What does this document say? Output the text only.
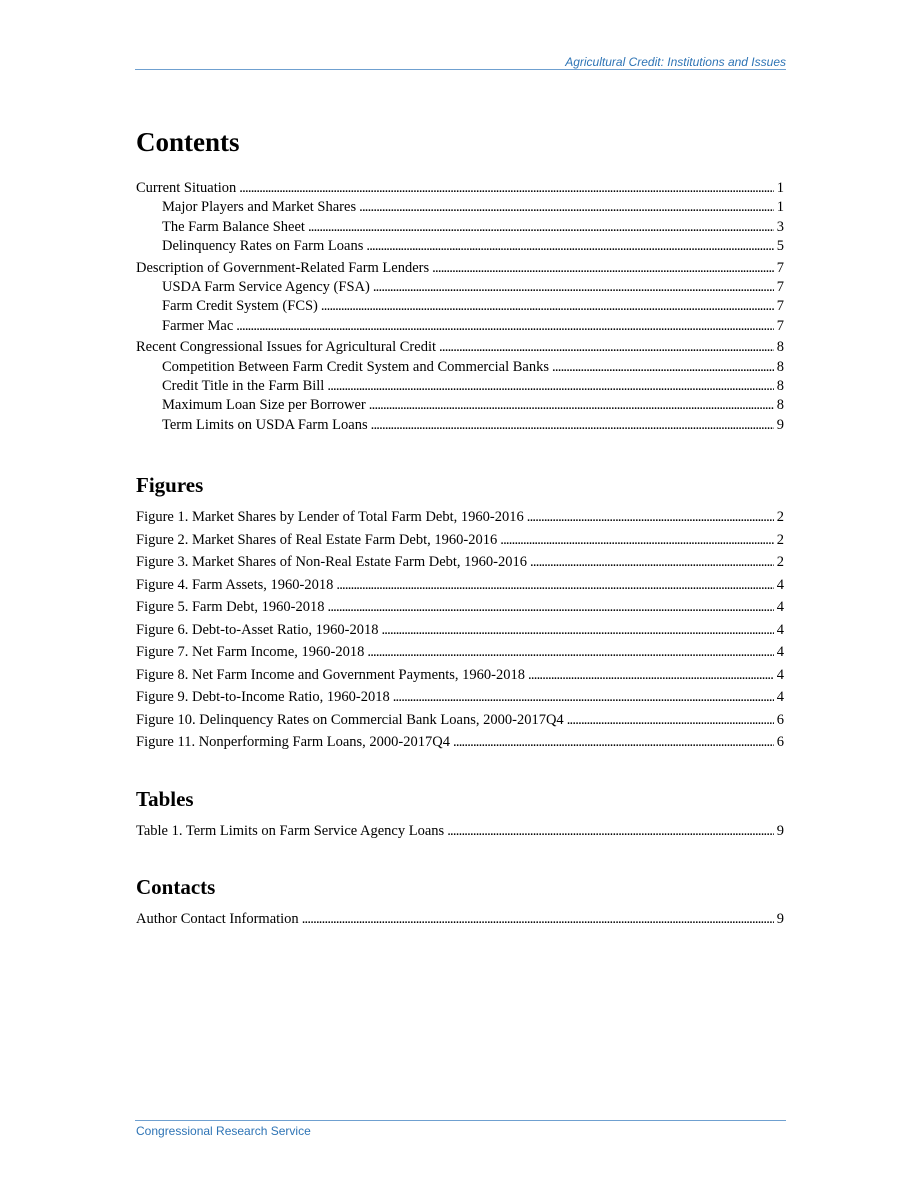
Agricultural Credit: Institutions and Issues
Contents
Current Situation . . .	1
Major Players and Market Shares . . .	1
The Farm Balance Sheet . . .	3
Delinquency Rates on Farm Loans . . .	5
Description of Government-Related Farm Lenders . . .	7
USDA Farm Service Agency (FSA) . . .	7
Farm Credit System (FCS) . . .	7
Farmer Mac . . .	7
Recent Congressional Issues for Agricultural Credit . . .	8
Competition Between Farm Credit System and Commercial Banks . . .	8
Credit Title in the Farm Bill . . .	8
Maximum Loan Size per Borrower . . .	8
Term Limits on USDA Farm Loans . . .	9
Figures
Figure 1. Market Shares by Lender of Total Farm Debt, 1960-2016 . . .	2
Figure 2. Market Shares of Real Estate Farm Debt, 1960-2016 . . .	2
Figure 3. Market Shares of Non-Real Estate Farm Debt, 1960-2016 . . .	2
Figure 4. Farm Assets, 1960-2018 . . .	4
Figure 5. Farm Debt, 1960-2018 . . .	4
Figure 6. Debt-to-Asset Ratio, 1960-2018 . . .	4
Figure 7. Net Farm Income, 1960-2018 . . .	4
Figure 8. Net Farm Income and Government Payments, 1960-2018 . . .	4
Figure 9. Debt-to-Income Ratio, 1960-2018 . . .	4
Figure 10. Delinquency Rates on Commercial Bank Loans, 2000-2017Q4 . . .	6
Figure 11. Nonperforming Farm Loans, 2000-2017Q4 . . .	6
Tables
Table 1. Term Limits on Farm Service Agency Loans . . .	9
Contacts
Author Contact Information . . .	9
Congressional Research Service
